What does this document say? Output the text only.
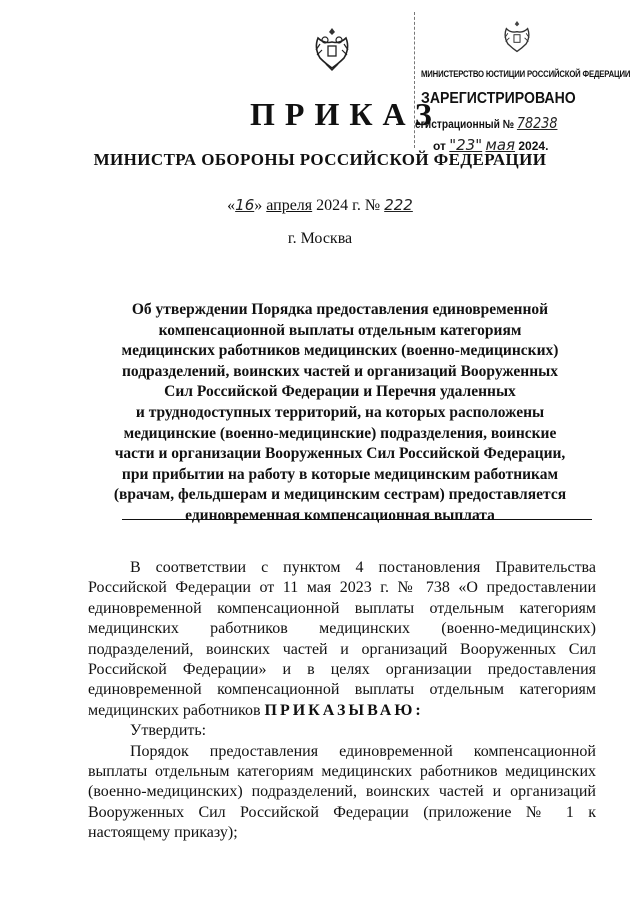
МИНИСТЕРСТВО ЮСТИЦИИ РОССИЙСКОЙ ФЕДЕРАЦИИ
ЗАРЕГИСТРИРОВАНО
егистрационный № 78238
от "23" мая 2024.
ПРИКАЗ
МИНИСТРА ОБОРОНЫ РОССИЙСКОЙ ФЕДЕРАЦИИ
«16» апреля 2024 г. № 222
г. Москва
Об утверждении Порядка предоставления единовременной
компенсационной выплаты отдельным категориям
медицинских работников медицинских (военно-медицинских)
подразделений, воинских частей и организаций Вооруженных
Сил Российской Федерации и Перечня удаленных
и труднодоступных территорий, на которых расположены
медицинские (военно-медицинские) подразделения, воинские
части и организации Вооруженных Сил Российской Федерации,
при прибытии на работу в которые медицинским работникам
(врачам, фельдшерам и медицинским сестрам) предоставляется
единовременная компенсационная выплата

В соответствии с пунктом 4 постановления Правительства Российской Федерации от 11 мая 2023 г. № 738 «О предоставлении единовременной компенсационной выплаты отдельным категориям медицинских работников медицинских (военно-медицинских) подразделений, воинских частей и организаций Вооруженных Сил Российской Федерации» и в целях организации предоставления единовременной компенсационной выплаты отдельным категориям медицинских работников ПРИКАЗЫВАЮ:

Утвердить:

Порядок предоставления единовременной компенсационной выплаты отдельным категориям медицинских работников медицинских (военно-медицинских) подразделений, воинских частей и организаций Вооруженных Сил Российской Федерации (приложение № 1 к настоящему приказу);
